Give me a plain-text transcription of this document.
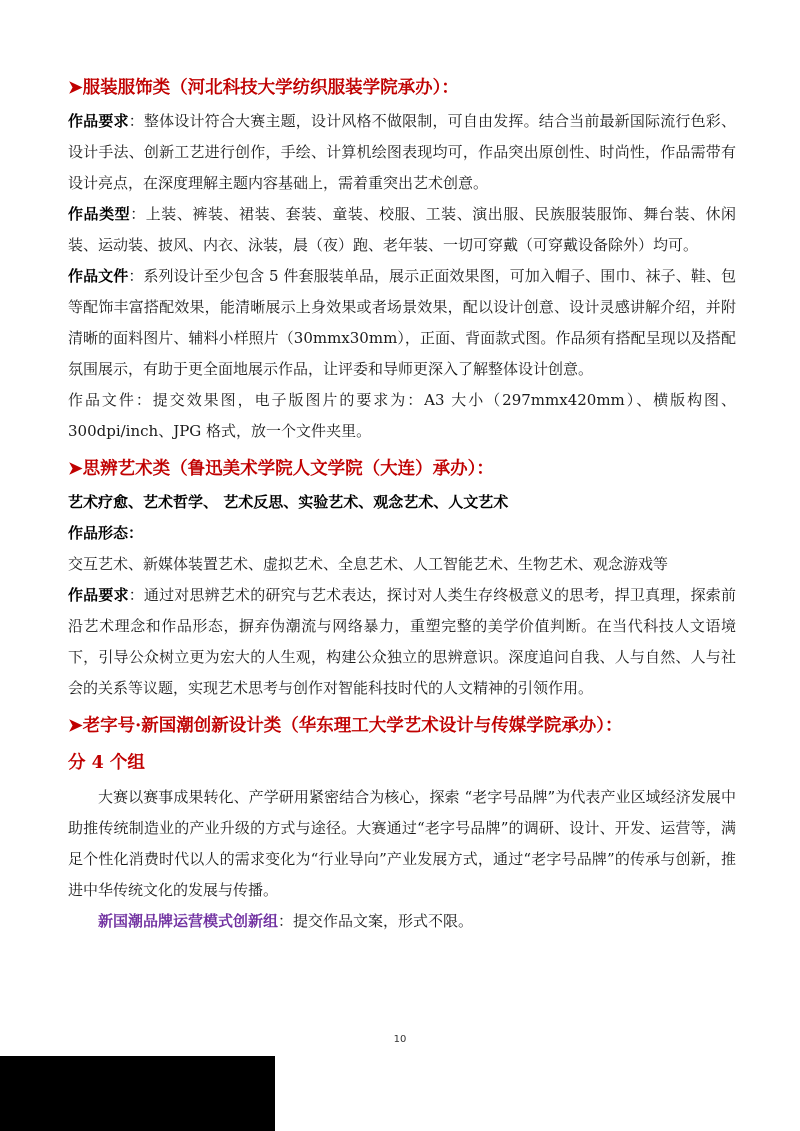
➤服装服饰类（河北科技大学纺织服装学院承办）：

作品要求：整体设计符合大赛主题，设计风格不做限制，可自由发挥。结合当前最新国际流行色彩、设计手法、创新工艺进行创作，手绘、计算机绘图表现均可，作品突出原创性、时尚性，作品需带有设计亮点，在深度理解主题内容基础上，需着重突出艺术创意。

作品类型：上装、裤装、裙装、套装、童装、校服、工装、演出服、民族服装服饰、舞台装、休闲装、运动装、披风、内衣、泳装，晨（夜）跑、老年装、一切可穿戴（可穿戴设备除外）均可。

作品文件：系列设计至少包含 5 件套服装单品，展示正面效果图，可加入帽子、围巾、袜子、鞋、包等配饰丰富搭配效果，能清晰展示上身效果或者场景效果，配以设计创意、设计灵感讲解介绍，并附清晰的面料图片、辅料小样照片（30mmx30mm），正面、背面款式图。作品须有搭配呈现以及搭配氛围展示，有助于更全面地展示作品，让评委和导师更深入了解整体设计创意。

作品文件：提交效果图，电子版图片的要求为：A3 大小（297mmx420mm）、横版构图、300dpi/inch、JPG 格式，放一个文件夹里。

➤思辨艺术类（鲁迅美术学院人文学院（大连）承办）：

艺术疗愈、艺术哲学、 艺术反思、实验艺术、观念艺术、人文艺术

作品形态：

交互艺术、新媒体装置艺术、虚拟艺术、全息艺术、人工智能艺术、生物艺术、观念游戏等

作品要求：通过对思辨艺术的研究与艺术表达，探讨对人类生存终极意义的思考，捍卫真理，探索前沿艺术理念和作品形态，摒弃伪潮流与网络暴力，重塑完整的美学价值判断。在当代科技人文语境下，引导公众树立更为宏大的人生观，构建公众独立的思辨意识。深度追问自我、人与自然、人与社会的关系等议题，实现艺术思考与创作对智能科技时代的人文精神的引领作用。

➤老字号·新国潮创新设计类（华东理工大学艺术设计与传媒学院承办）：
分 4 个组

大赛以赛事成果转化、产学研用紧密结合为核心，探索 “老字号品牌”为代表产业区域经济发展中助推传统制造业的产业升级的方式与途径。大赛通过“老字号品牌”的调研、设计、开发、运营等，满足个性化消费时代以人的需求变化为“行业导向”产业发展方式，通过“老字号品牌”的传承与创新，推进中华传统文化的发展与传播。

新国潮品牌运营模式创新组：提交作品文案，形式不限。

10
